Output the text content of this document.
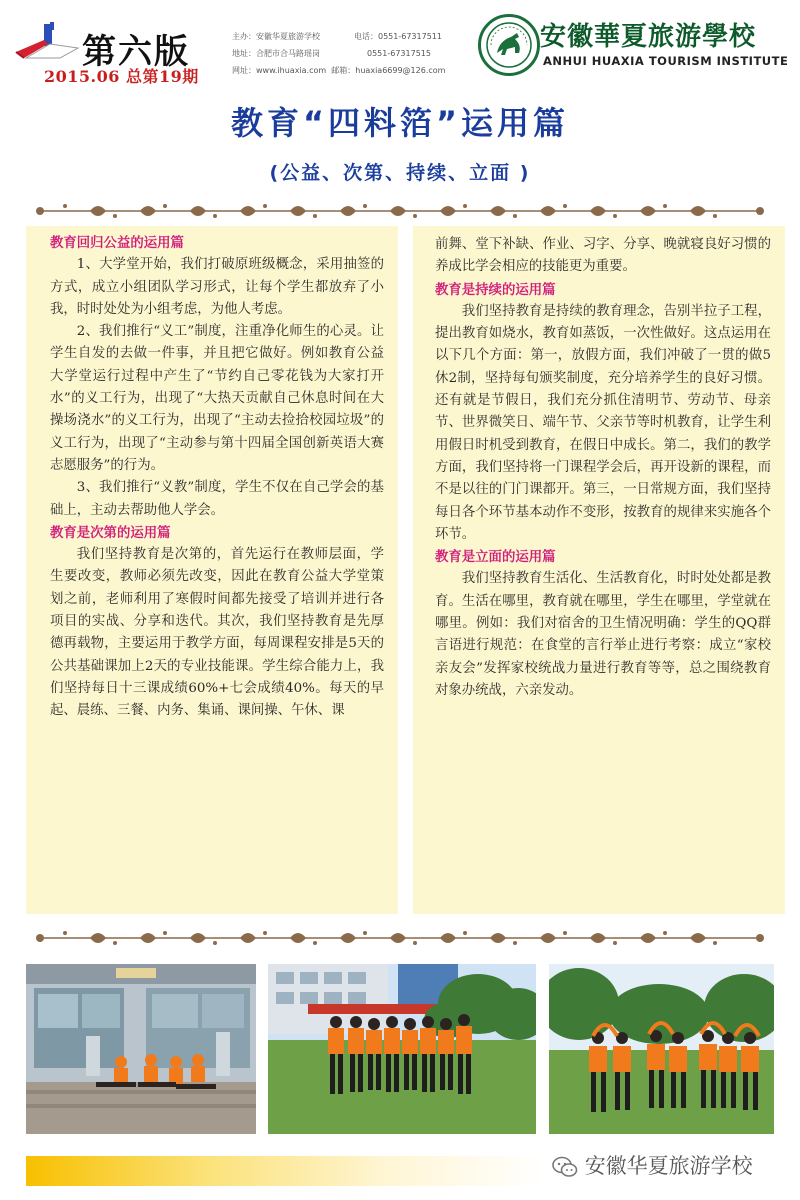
第六版
2015.06 总第19期
主办：安徽华夏旅游学校	电话：0551-67317511
地址：合肥市合马路瑶岗	0551-67317515
网址：www.ihuaxia.com 邮箱：huaxia6699@126.com
安徽華夏旅游學校
ANHUI HUAXIA TOURISM INSTITUTE
教育“四料箔”运用篇
(公益、次第、持续、立面 )

教育回归公益的运用篇

1、大学堂开始，我们打破原班级概念，采用抽签的方式，成立小组团队学习形式，让每个学生都放弃了小我，时时处处为小组考虑，为他人考虑。

2、我们推行“义工”制度，注重净化师生的心灵。让学生自发的去做一件事，并且把它做好。例如教育公益大学堂运行过程中产生了“节约自己零花钱为大家打开水”的义工行为，出现了“大热天贡献自己休息时间在大操场浇水”的义工行为，出现了“主动去捡拾校园垃圾”的义工行为，出现了“主动参与第十四届全国创新英语大赛志愿服务”的行为。

3、我们推行“义教”制度，学生不仅在自己学会的基础上，主动去帮助他人学会。

教育是次第的运用篇

我们坚持教育是次第的，首先运行在教师层面，学生要改变，教师必须先改变，因此在教育公益大学堂策划之前，老师利用了寒假时间都先接受了培训并进行各项目的实战、分享和迭代。其次，我们坚持教育是先厚德再载物，主要运用于教学方面，每周课程安排是5天的公共基础课加上2天的专业技能课。学生综合能力上，我们坚持每日十三课成绩60%+七会成绩40%。每天的早起、晨练、三餐、内务、集诵、课间操、午休、课

前舞、堂下补缺、作业、习字、分享、晚就寝良好习惯的养成比学会相应的技能更为重要。

教育是持续的运用篇

我们坚持教育是持续的教育理念，告别半拉子工程，提出教育如烧水，教育如蒸饭，一次性做好。这点运用在以下几个方面：第一，放假方面，我们冲破了一贯的做5休2制，坚持每旬颁奖制度，充分培养学生的良好习惯。还有就是节假日，我们充分抓住清明节、劳动节、母亲节、世界微笑日、端午节、父亲节等时机教育，让学生利用假日时机受到教育，在假日中成长。第二，我们的教学方面，我们坚持将一门课程学会后，再开设新的课程，而不是以往的门门课都开。第三，一日常规方面，我们坚持每日各个环节基本动作不变形，按教育的规律来实施各个环节。

教育是立面的运用篇

我们坚持教育生活化、生活教育化，时时处处都是教育。生活在哪里，教育就在哪里，学生在哪里，学堂就在哪里。例如：我们对宿舍的卫生情况明确：学生的QQ群言语进行规范：在食堂的言行举止进行考察：成立“家校亲友会”发挥家校统战力量进行教育等等，总之围绕教育对象办统战，六亲发动。

安徽华夏旅游学校
